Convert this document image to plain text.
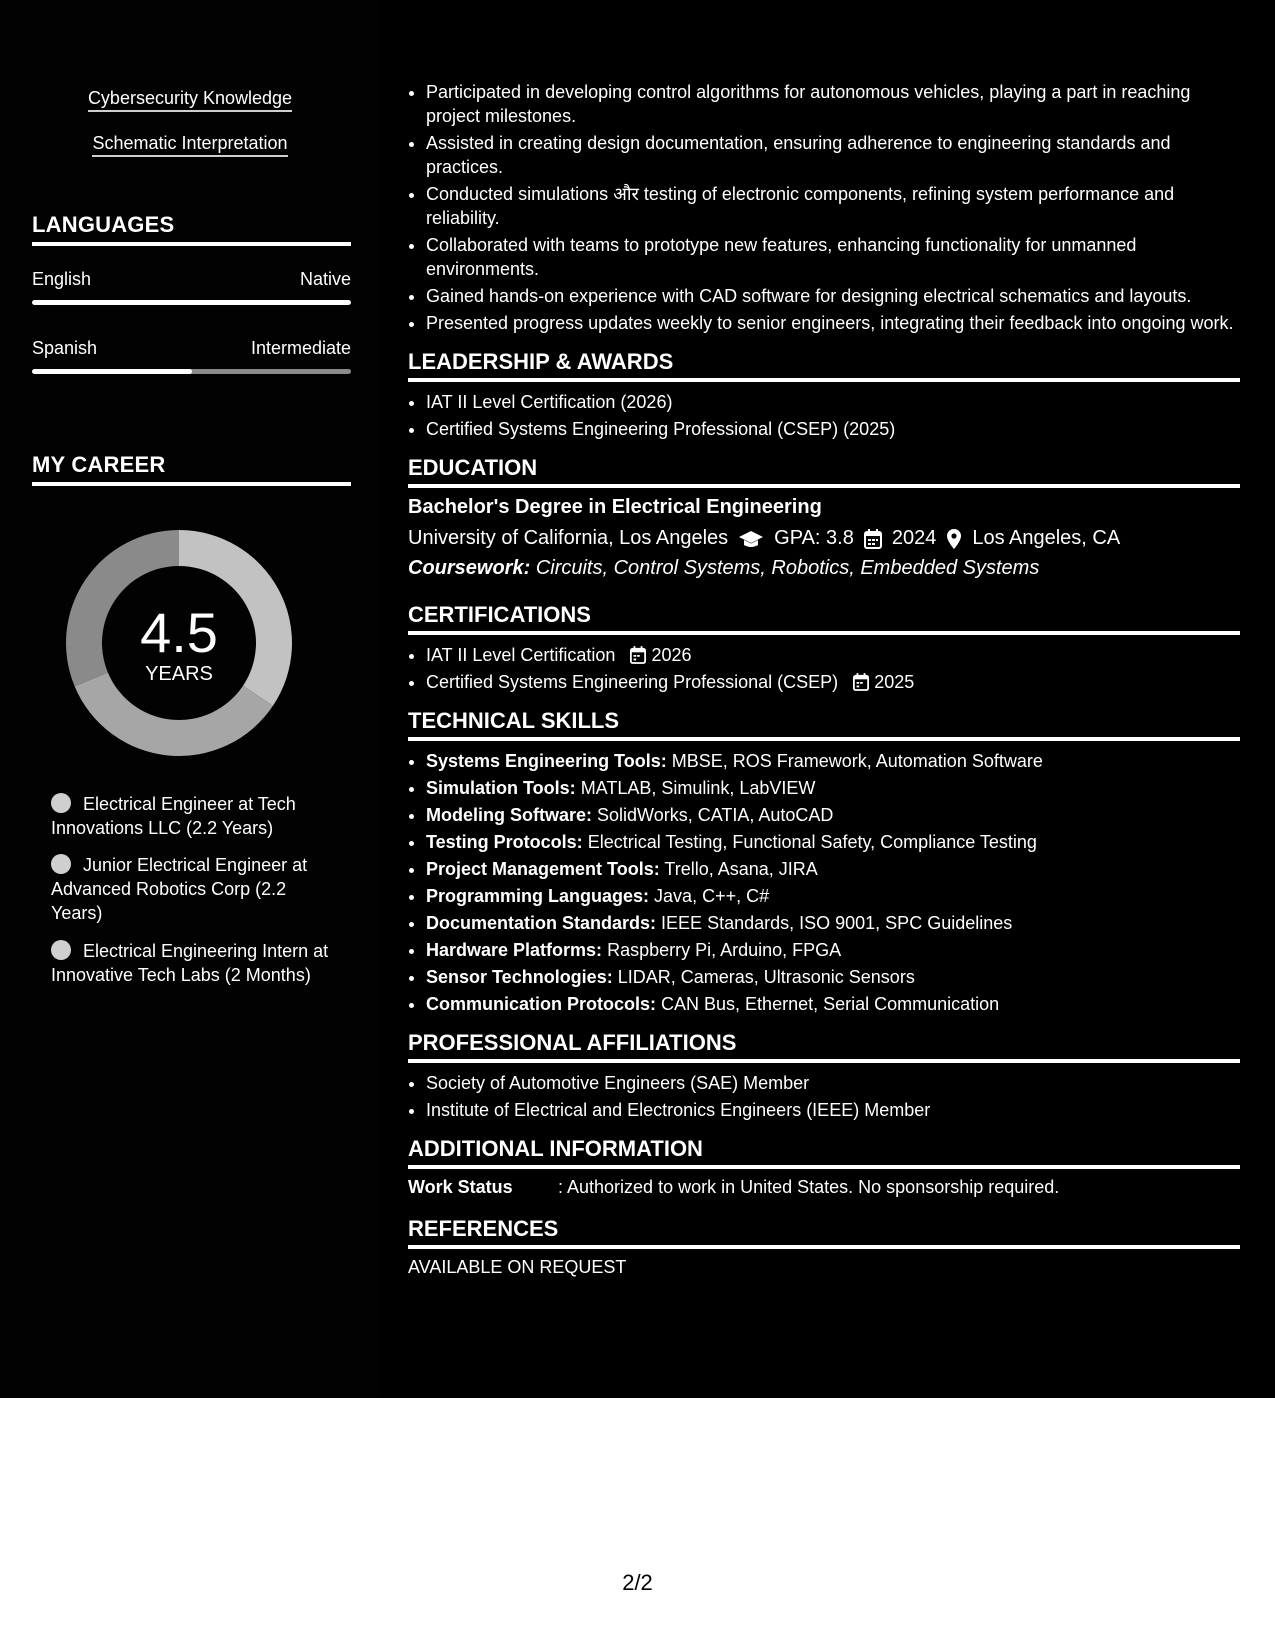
Cybersecurity Knowledge
Schematic Interpretation
LANGUAGES
English	Native
Spanish	Intermediate
MY CAREER
4.5
YEARS
Electrical Engineer at Tech Innovations LLC (2.2 Years)
Junior Electrical Engineer at Advanced Robotics Corp (2.2 Years)
Electrical Engineering Intern at Innovative Tech Labs (2 Months)
• Participated in developing control algorithms for autonomous vehicles, playing a part in reaching project milestones.
• Assisted in creating design documentation, ensuring adherence to engineering standards and practices.
• Conducted simulations और testing of electronic components, refining system performance and reliability.
• Collaborated with teams to prototype new features, enhancing functionality for unmanned environments.
• Gained hands-on experience with CAD software for designing electrical schematics and layouts.
• Presented progress updates weekly to senior engineers, integrating their feedback into ongoing work.
LEADERSHIP & AWARDS
• IAT II Level Certification (2026)
• Certified Systems Engineering Professional (CSEP) (2025)
EDUCATION
Bachelor's Degree in Electrical Engineering
University of California, Los Angeles GPA: 3.8 2024 Los Angeles, CA
Coursework: Circuits, Control Systems, Robotics, Embedded Systems
CERTIFICATIONS
• IAT II Level Certification 2026
• Certified Systems Engineering Professional (CSEP) 2025
TECHNICAL SKILLS
• Systems Engineering Tools: MBSE, ROS Framework, Automation Software
• Simulation Tools: MATLAB, Simulink, LabVIEW
• Modeling Software: SolidWorks, CATIA, AutoCAD
• Testing Protocols: Electrical Testing, Functional Safety, Compliance Testing
• Project Management Tools: Trello, Asana, JIRA
• Programming Languages: Java, C++, C#
• Documentation Standards: IEEE Standards, ISO 9001, SPC Guidelines
• Hardware Platforms: Raspberry Pi, Arduino, FPGA
• Sensor Technologies: LIDAR, Cameras, Ultrasonic Sensors
• Communication Protocols: CAN Bus, Ethernet, Serial Communication
PROFESSIONAL AFFILIATIONS
• Society of Automotive Engineers (SAE) Member
• Institute of Electrical and Electronics Engineers (IEEE) Member
ADDITIONAL INFORMATION
Work Status	: Authorized to work in United States. No sponsorship required.
REFERENCES
AVAILABLE ON REQUEST
2/2
